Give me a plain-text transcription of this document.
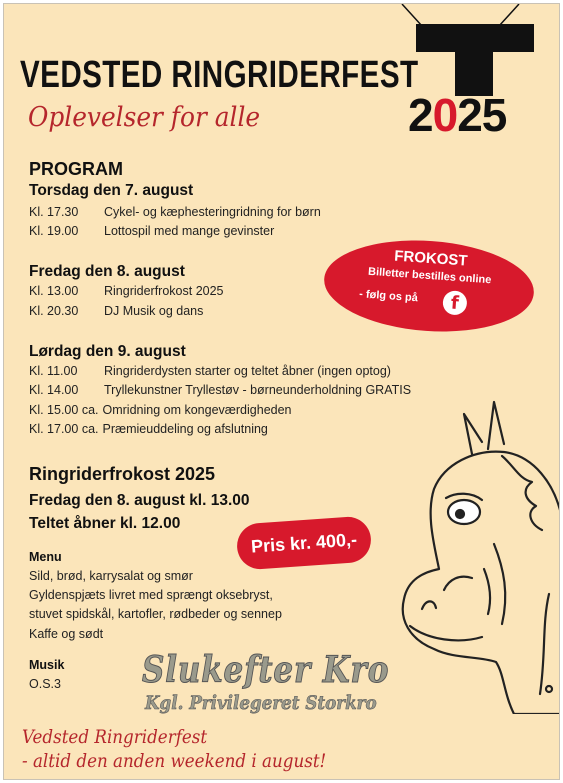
VEDSTED RINGRIDERFEST
2025
Oplevelser for alle
PROGRAM
Torsdag den 7. august
Kl. 17.30 Cykel- og kæphesteringridning for børn
Kl. 19.00 Lottospil med mange gevinster
Fredag den 8. august
Kl. 13.00 Ringriderfrokost 2025
Kl. 20.30 DJ Musik og dans
Lørdag den 9. august
Kl. 11.00 Ringriderdysten starter og teltet åbner (ingen optog)
Kl. 14.00 Tryllekunstner Tryllestøv - børneunderholdning GRATIS
Kl. 15.00 ca. Omridning om kongeværdigheden
Kl. 17.00 ca. Præmieuddeling og afslutning
FROKOST
Billetter bestilles online
- følg os på	f
Ringriderfrokost 2025
Fredag den 8. august kl. 13.00
Teltet åbner kl. 12.00
Pris kr. 400,-
Menu
Sild, brød, karrysalat og smør
Gyldenspjæts livret med sprængt oksebryst,
stuvet spidskål, kartofler, rødbeder og sennep
Kaffe og sødt
Musik
O.S.3 Slukefter Kro
Kgl. Privilegeret Storkro
Vedsted Ringriderfest
- altid den anden weekend i august!
